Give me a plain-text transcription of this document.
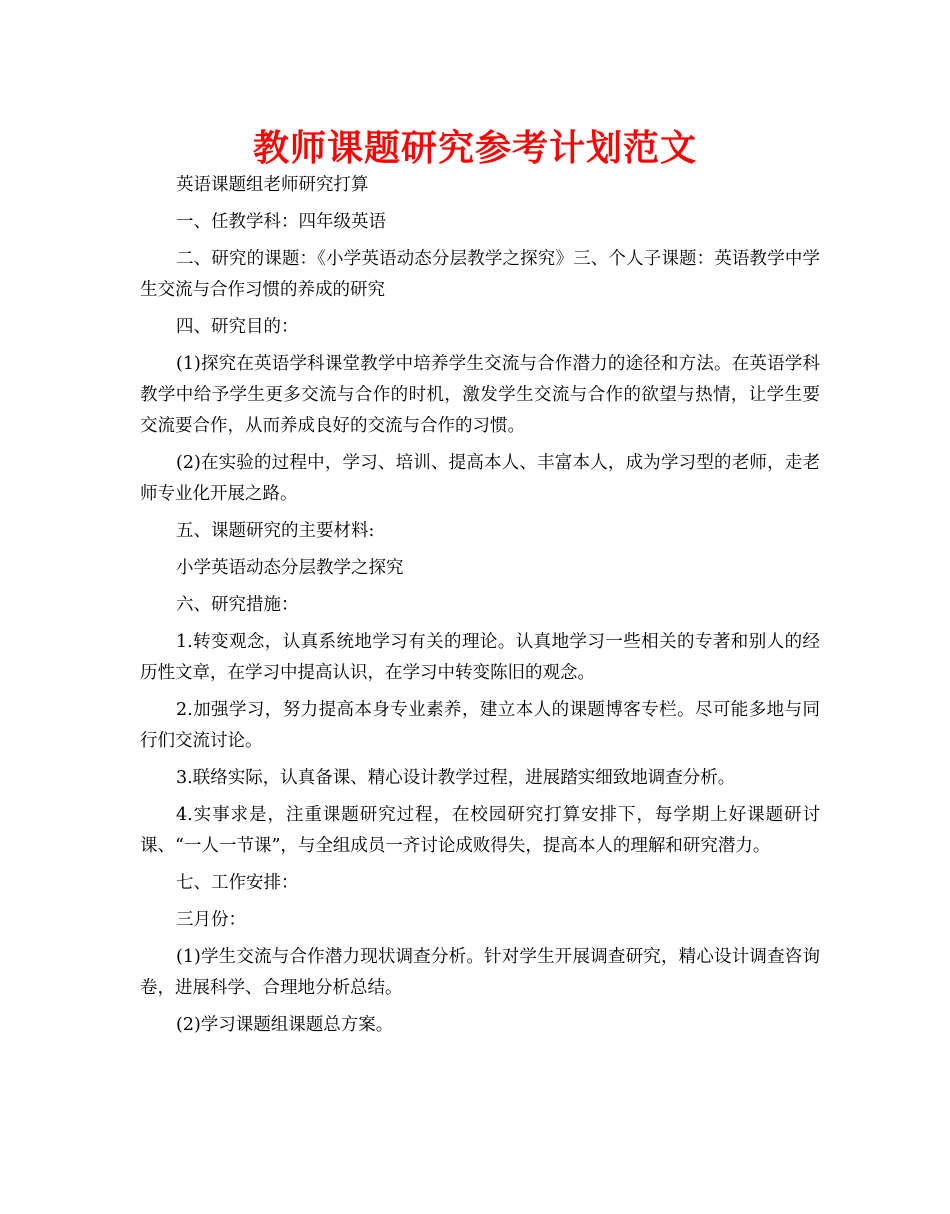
教师课题研究参考计划范文

英语课题组老师研究打算

一、任教学科：四年级英语

二、研究的课题：《小学英语动态分层教学之探究》三、个人子课题：英语教学中学生交流与合作习惯的养成的研究

四、研究目的：

(1)探究在英语学科课堂教学中培养学生交流与合作潜力的途径和方法。在英语学科教学中给予学生更多交流与合作的时机，激发学生交流与合作的欲望与热情，让学生要交流要合作，从而养成良好的交流与合作的习惯。

(2)在实验的过程中，学习、培训、提高本人、丰富本人，成为学习型的老师，走老师专业化开展之路。

五、课题研究的主要材料:

小学英语动态分层教学之探究

六、研究措施：

1.转变观念，认真系统地学习有关的理论。认真地学习一些相关的专著和别人的经历性文章，在学习中提高认识，在学习中转变陈旧的观念。

2.加强学习，努力提高本身专业素养，建立本人的课题博客专栏。尽可能多地与同行们交流讨论。

3.联络实际，认真备课、精心设计教学过程，进展踏实细致地调查分析。

4.实事求是，注重课题研究过程，在校园研究打算安排下，每学期上好课题研讨课、“一人一节课”，与全组成员一齐讨论成败得失，提高本人的理解和研究潜力。

七、工作安排：

三月份：

(1)学生交流与合作潜力现状调查分析。针对学生开展调查研究，精心设计调查咨询卷，进展科学、合理地分析总结。

(2)学习课题组课题总方案。
